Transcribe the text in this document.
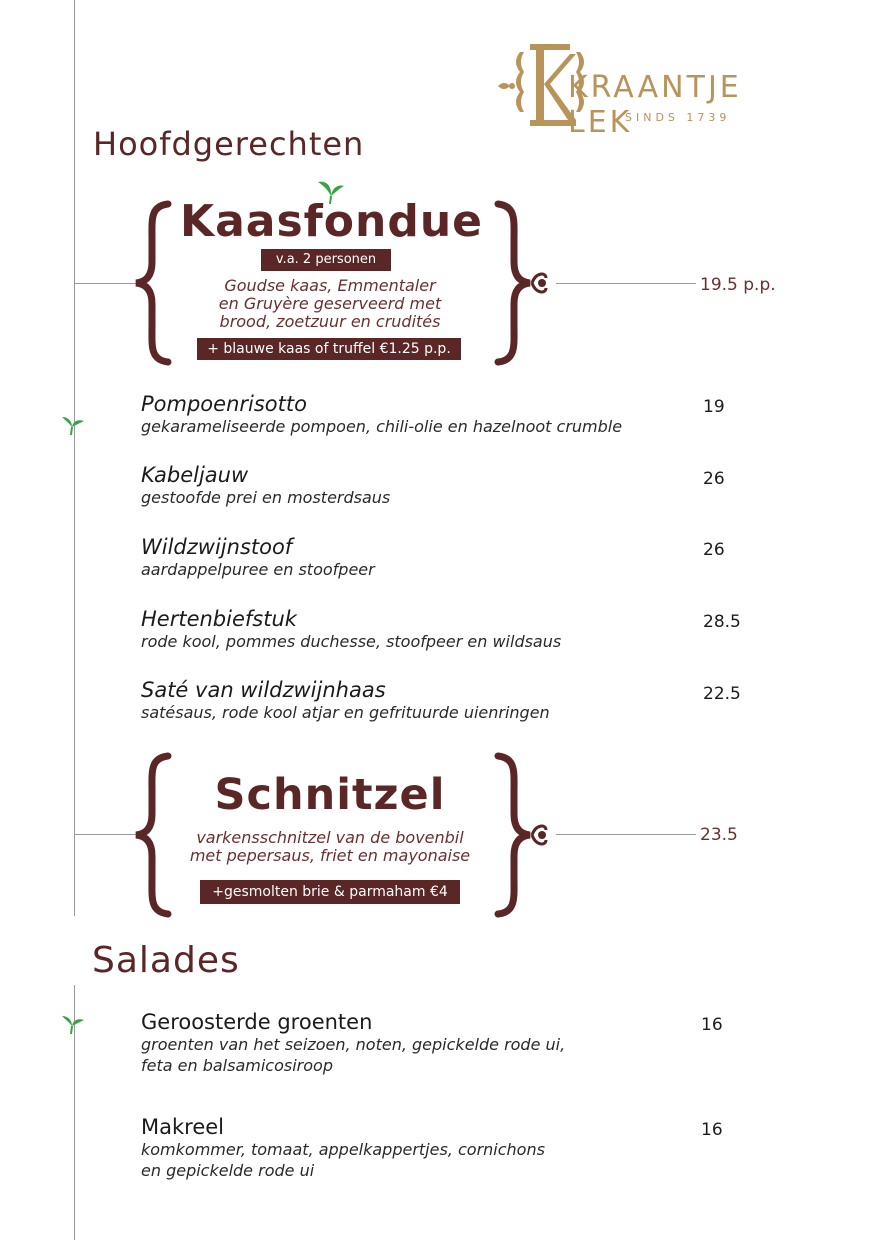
KRAANTJE LEK
SINDS 1739
Hoofdgerechten
Kaasfondue
v.a. 2 personen
Goudse kaas, Emmentaler
en Gruyère geserveerd met
brood, zoetzuur en crudités
+ blauwe kaas of truffel €1.25 p.p.
19.5 p.p.
Pompoenrisotto
gekarameliseerde pompoen, chili-olie en hazelnoot crumble
19
Kabeljauw
gestoofde prei en mosterdsaus
26
Wildzwijnstoof
aardappelpuree en stoofpeer
26
Hertenbiefstuk
rode kool, pommes duchesse, stoofpeer en wildsaus
28.5
Saté van wildzwijnhaas
satésaus, rode kool atjar en gefrituurde uienringen
22.5
Schnitzel
varkensschnitzel van de bovenbil
met pepersaus, friet en mayonaise
+gesmolten brie & parmaham €4
23.5
Salades
Geroosterde groenten
groenten van het seizoen, noten, gepickelde rode ui,
feta en balsamicosiroop
16
Makreel
komkommer, tomaat, appelkappertjes, cornichons
en gepickelde rode ui
16
